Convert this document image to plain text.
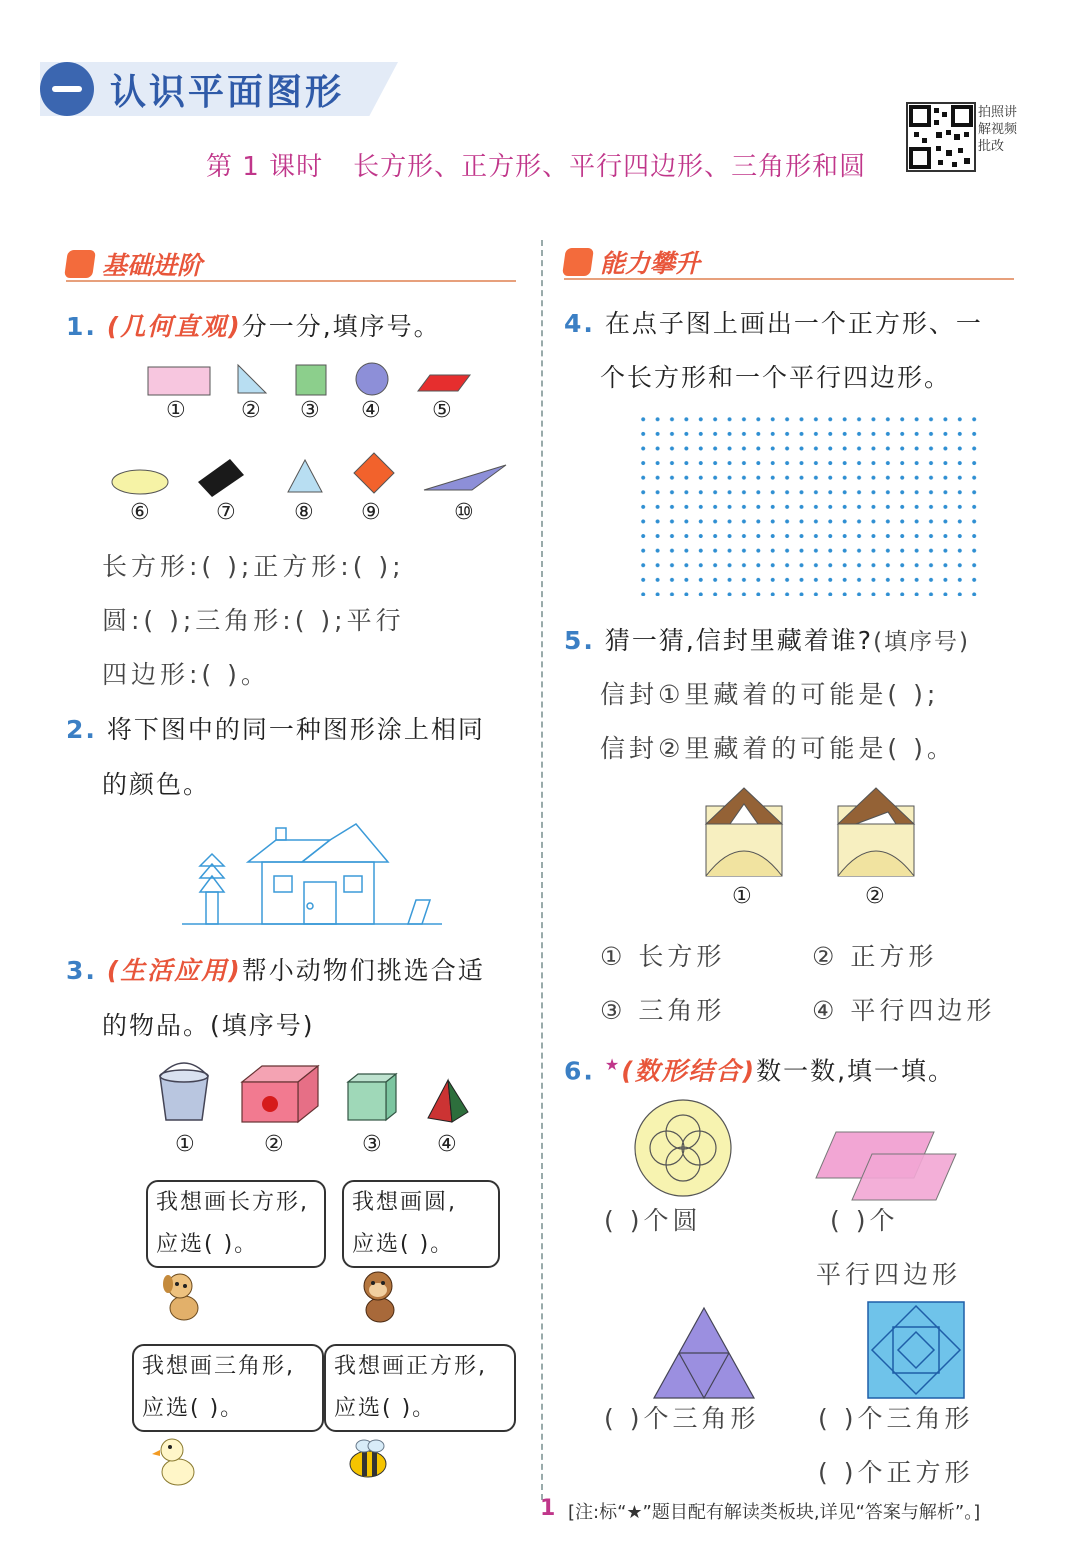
认识平面图形
第 1 课时 长方形、正方形、平行四边形、三角形和圆
拍照讲解视频批改
基础进阶	能力攀升
1. (几何直观)分一分,填序号。
①	② ③ ④ ⑤
⑥	⑦	⑧ ⑨	⑩
长方形:( );正方形:( );
圆:( );三角形:( );平行
四边形:( )。
2. 将下图中的同一种图形涂上相同
的颜色。
3. (生活应用)帮小动物们挑选合适
的物品。(填序号)
①	②	③	④
我想画长方形,
应选( )。
我想画圆,
应选( )。
我想画三角形,
应选( )。
我想画正方形,
应选( )。
4. 在点子图上画出一个正方形、一
个长方形和一个平行四边形。
5. 猜一猜,信封里藏着谁?(填序号)
信封①里藏着的可能是( );
信封②里藏着的可能是( )。
①	②
① 长方形	② 正方形
③ 三角形	④ 平行四边形
6. ★(数形结合)数一数,填一填。
( )个圆	( )个
平行四边形
( )个三角形 ( )个三角形
( )个正方形
1 [注:标“★”题目配有解读类板块,详见“答案与解析”。]
